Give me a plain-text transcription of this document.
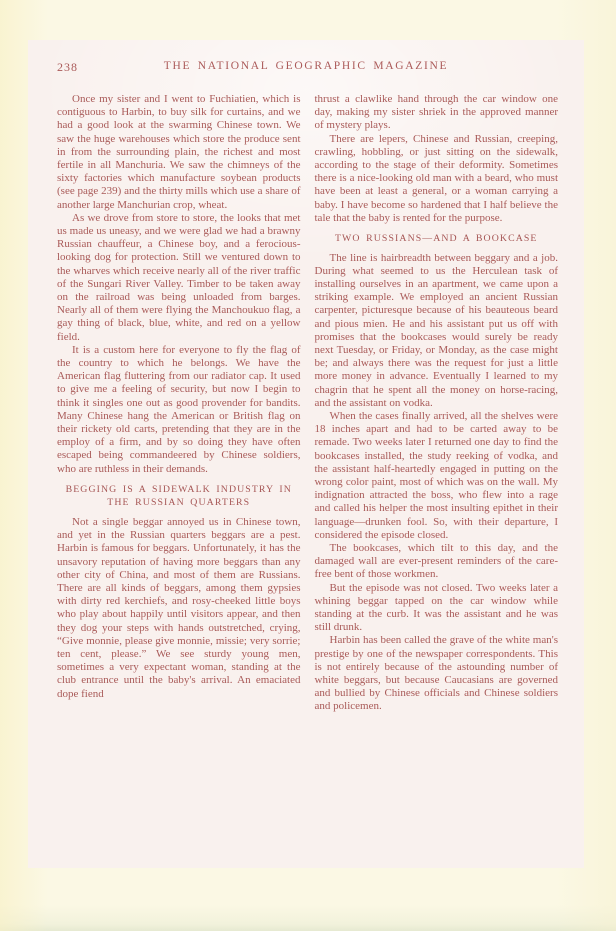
238	THE NATIONAL GEOGRAPHIC MAGAZINE

Once my sister and I went to Fuchiatien, which is contiguous to Harbin, to buy silk for curtains, and we had a good look at the swarming Chinese town. We saw the huge warehouses which store the produce sent in from the surrounding plain, the richest and most fertile in all Manchuria. We saw the chimneys of the sixty factories which manufacture soybean products (see page 239) and the thirty mills which use a share of another large Manchurian crop, wheat.

As we drove from store to store, the looks that met us made us uneasy, and we were glad we had a brawny Russian chauffeur, a Chinese boy, and a ferocious-looking dog for protection. Still we ventured down to the wharves which receive nearly all of the river traffic of the Sungari River Valley. Timber to be taken away on the railroad was being unloaded from barges. Nearly all of them were flying the Manchoukuo flag, a gay thing of black, blue, white, and red on a yellow field.

It is a custom here for everyone to fly the flag of the country to which he belongs. We have the American flag fluttering from our radiator cap. It used to give me a feeling of security, but now I begin to think it singles one out as good provender for bandits. Many Chinese hang the American or British flag on their rickety old carts, pretending that they are in the employ of a firm, and by so doing they have often escaped being commandeered by Chinese soldiers, who are ruthless in their demands.

BEGGING IS A SIDEWALK INDUSTRY IN THE RUSSIAN QUARTERS

Not a single beggar annoyed us in Chinese town, and yet in the Russian quarters beggars are a pest. Harbin is famous for beggars. Unfortunately, it has the unsavory reputation of having more beggars than any other city of China, and most of them are Russians. There are all kinds of beggars, among them gypsies with dirty red kerchiefs, and rosy-cheeked little boys who play about happily until visitors appear, and then they dog your steps with hands outstretched, crying, “Give monnie, please give monnie, missie; very sorrie; ten cent, please.” We see sturdy young men, sometimes a very expectant woman, standing at the club entrance until the baby's arrival. An emaciated dope fiend

thrust a clawlike hand through the car window one day, making my sister shriek in the approved manner of mystery plays.

There are lepers, Chinese and Russian, creeping, crawling, hobbling, or just sitting on the sidewalk, according to the stage of their deformity. Sometimes there is a nice-looking old man with a beard, who must have been at least a general, or a woman carrying a baby. I have become so hardened that I half believe the tale that the baby is rented for the purpose.

TWO RUSSIANS—AND A BOOKCASE

The line is hairbreadth between beggary and a job. During what seemed to us the Herculean task of installing ourselves in an apartment, we came upon a striking example. We employed an ancient Russian carpenter, picturesque because of his beauteous beard and pious mien. He and his assistant put us off with promises that the bookcases would surely be ready next Tuesday, or Friday, or Monday, as the case might be; and always there was the request for just a little more money in advance. Eventually I learned to my chagrin that he spent all the money on horse-racing, and the assistant on vodka.

When the cases finally arrived, all the shelves were 18 inches apart and had to be carted away to be remade. Two weeks later I returned one day to find the bookcases installed, the study reeking of vodka, and the assistant half-heartedly engaged in putting on the wrong color paint, most of which was on the wall. My indignation attracted the boss, who flew into a rage and called his helper the most insulting epithet in their language—drunken fool. So, with their departure, I considered the episode closed.

The bookcases, which tilt to this day, and the damaged wall are ever-present reminders of the care-free bent of those workmen.

But the episode was not closed. Two weeks later a whining beggar tapped on the car window while standing at the curb. It was the assistant and he was still drunk.

Harbin has been called the grave of the white man's prestige by one of the newspaper correspondents. This is not entirely because of the astounding number of white beggars, but because Caucasians are governed and bullied by Chinese officials and Chinese soldiers and policemen.
